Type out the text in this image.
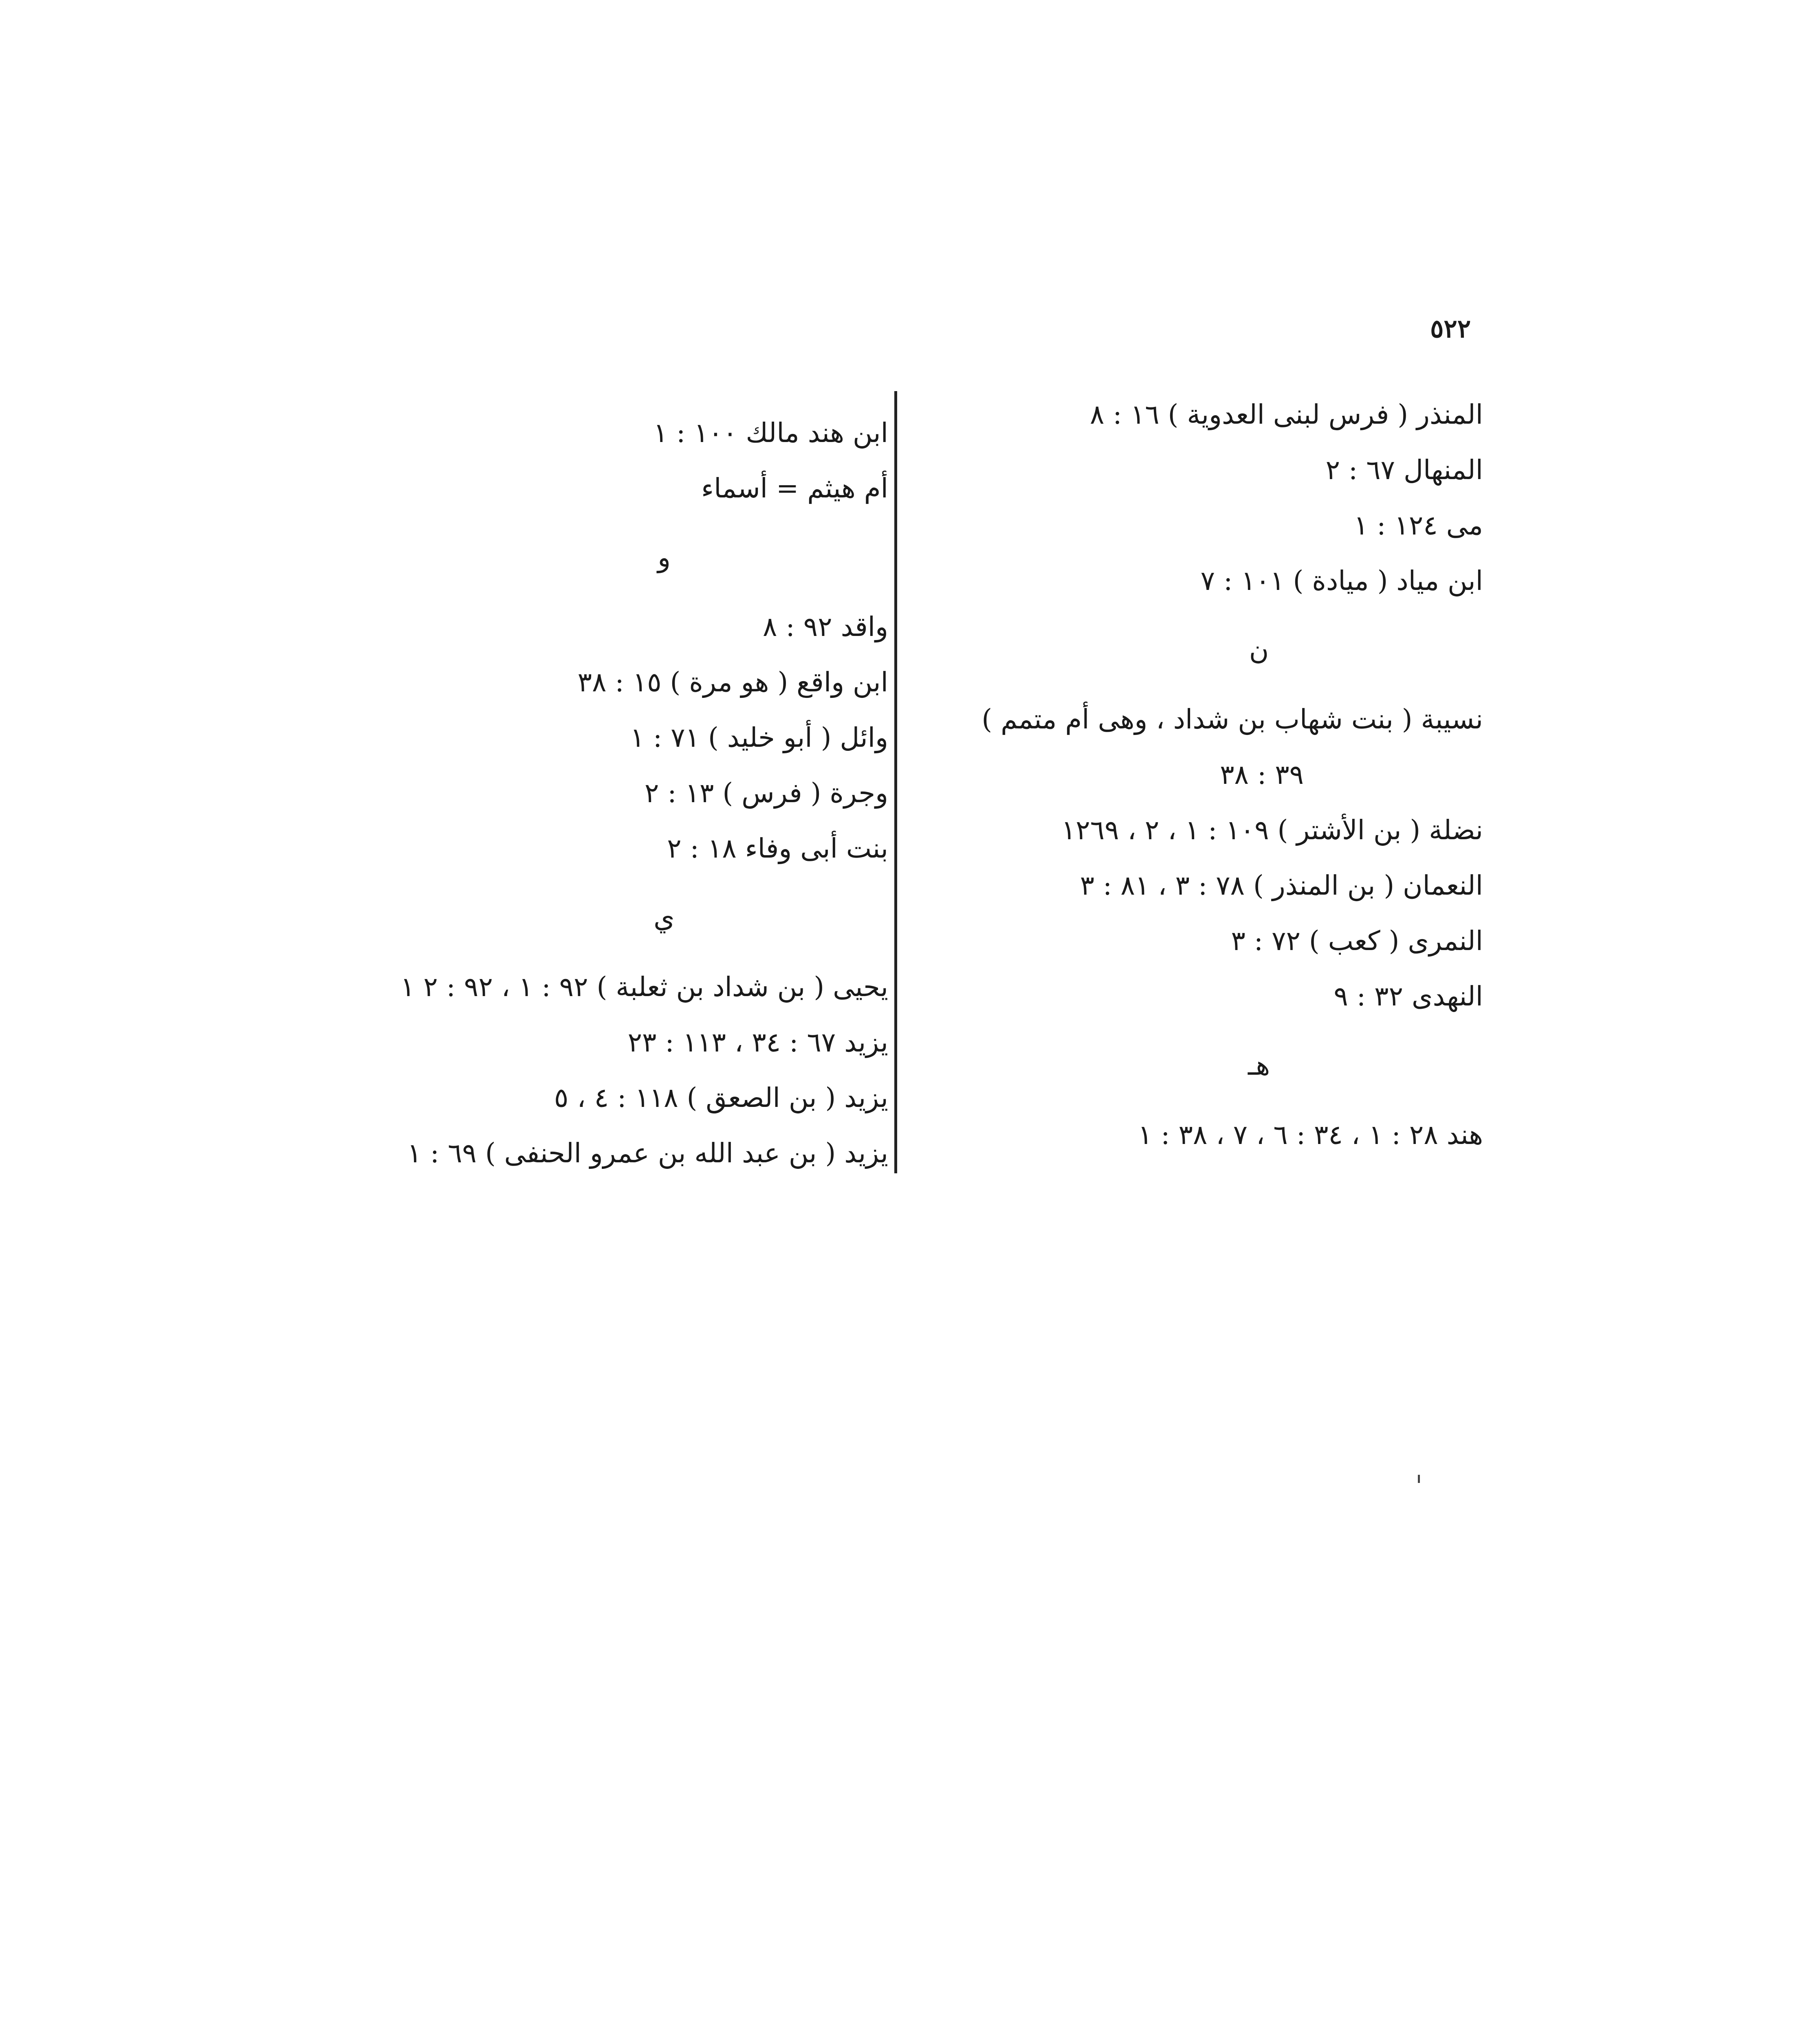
٥٢٢
المنذر ( فرس لبنى العدوية ) ١٦ : ٨
المنهال ٦٧ : ٢
مى ١٢٤ : ١
ابن مياد ( ميادة ) ١٠١ : ٧
ن
نسيبة ( بنت شهاب بن شداد ، وهى أم متمم )
٣٩ : ٣٨
نضلة ( بن الأشتر ) ١٠٩ : ١ ، ٢ ، ١٢٦٩
النعمان ( بن المنذر ) ٧٨ : ٣ ، ٨١ : ٣
النمرى ( كعب ) ٧٢ : ٣
النهدى ٣٢ : ٩
هـ
هند ٢٨ : ١ ، ٣٤ : ٦ ، ٧ ، ٣٨ : ١
ابن هند مالك ١٠٠ : ١
أم هيثم = أسماء
و
واقد ٩٢ : ٨
ابن واقع ( هو مرة ) ١٥ : ٣٨
وائل ( أبو خليد ) ٧١ : ١
وجرة ( فرس ) ١٣ : ٢
بنت أبى وفاء ١٨ : ٢
ي
يحيى ( بن شداد بن ثعلبة ) ٩٢ : ١ ، ٩٢ : ٢ ١
يزيد ٦٧ : ٣٤ ، ١١٣ : ٢٣
يزيد ( بن الصعق ) ١١٨ : ٤ ، ٥
يزيد ( بن عبد الله بن عمرو الحنفى ) ٦٩ : ١
